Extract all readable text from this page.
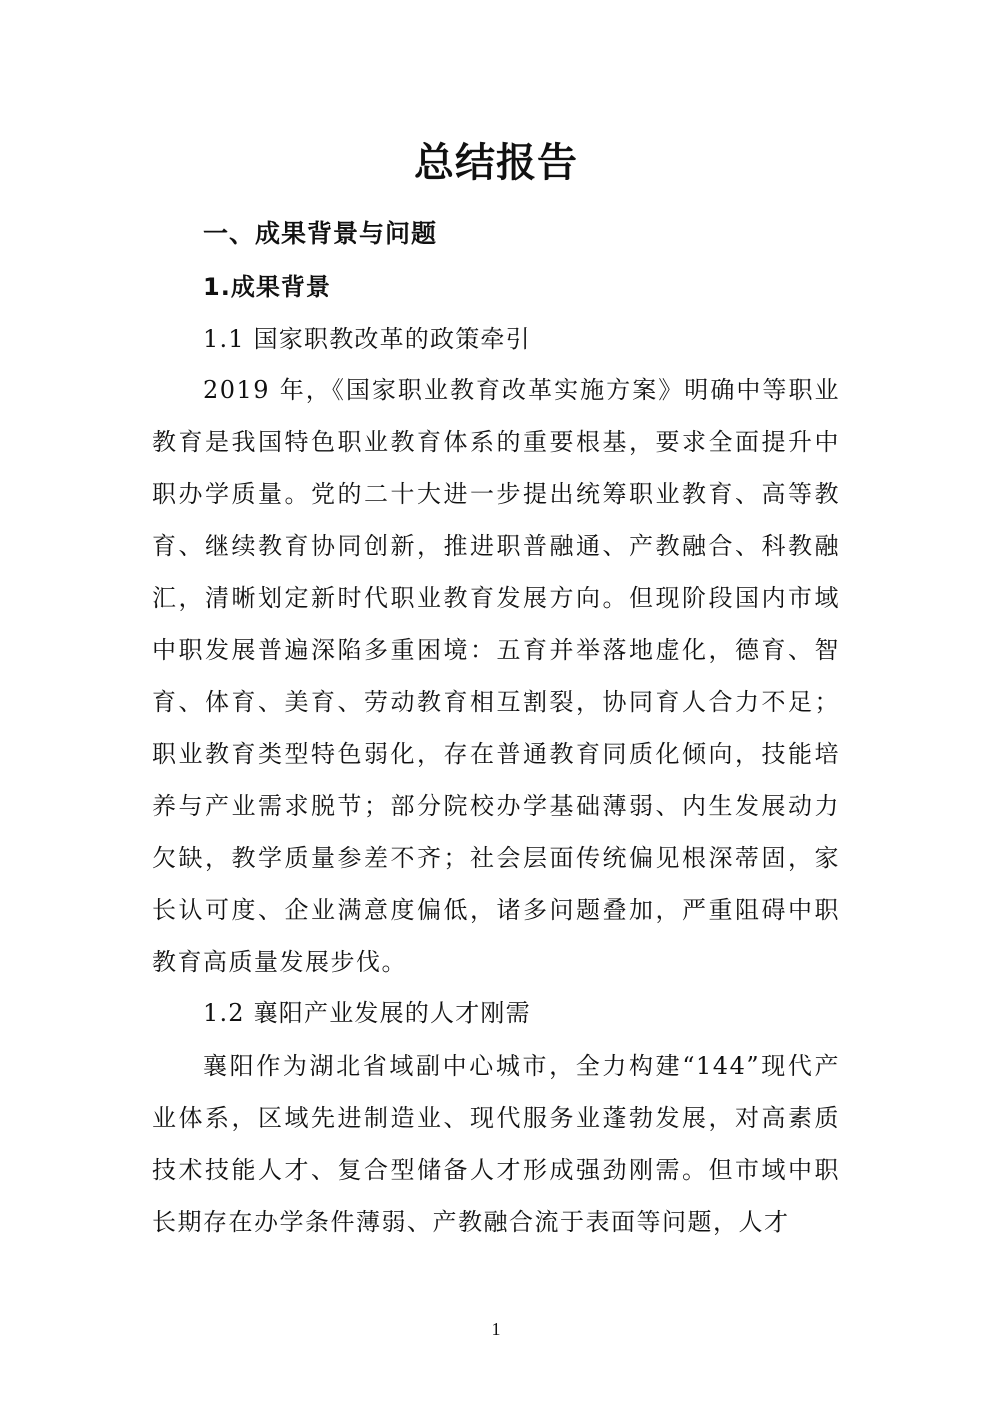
总结报告
一、成果背景与问题
1.成果背景
1.1 国家职教改革的政策牵引

2019 年，《国家职业教育改革实施方案》明确中等职业教育是我国特色职业教育体系的重要根基，要求全面提升中职办学质量。党的二十大进一步提出统筹职业教育、高等教育、继续教育协同创新，推进职普融通、产教融合、科教融汇，清晰划定新时代职业教育发展方向。但现阶段国内市域中职发展普遍深陷多重困境：五育并举落地虚化，德育、智育、体育、美育、劳动教育相互割裂，协同育人合力不足；职业教育类型特色弱化，存在普通教育同质化倾向，技能培养与产业需求脱节；部分院校办学基础薄弱、内生发展动力欠缺，教学质量参差不齐；社会层面传统偏见根深蒂固，家长认可度、企业满意度偏低，诸多问题叠加，严重阻碍中职教育高质量发展步伐。

1.2 襄阳产业发展的人才刚需

襄阳作为湖北省域副中心城市，全力构建“144”现代产业体系，区域先进制造业、现代服务业蓬勃发展，对高素质技术技能人才、复合型储备人才形成强劲刚需。但市域中职长期存在办学条件薄弱、产教融合流于表面等问题，人才

1
